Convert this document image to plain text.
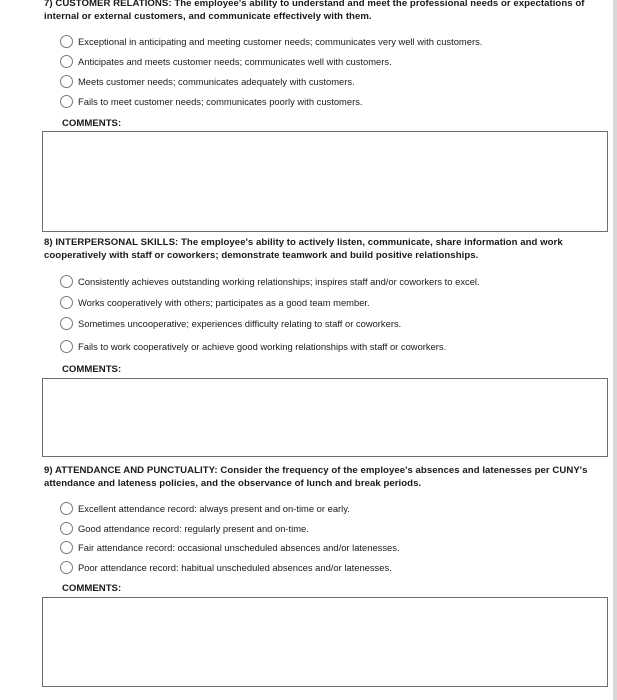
7) CUSTOMER RELATIONS: The employee's ability to understand and meet the professional needs or expectations of internal or external customers, and communicate effectively with them.
Exceptional in anticipating and meeting customer needs; communicates very well with customers.
Anticipates and meets customer needs; communicates well with customers.
Meets customer needs; communicates adequately with customers.
Fails to meet customer needs; communicates poorly with customers.
COMMENTS:
8) INTERPERSONAL SKILLS: The employee's ability to actively listen, communicate, share information and work cooperatively with staff or coworkers; demonstrate teamwork and build positive relationships.
Consistently achieves outstanding working relationships; inspires staff and/or coworkers to excel.
Works cooperatively with others; participates as a good team member.
Sometimes uncooperative; experiences difficulty relating to staff or coworkers.
Fails to work cooperatively or achieve good working relationships with staff or coworkers.
COMMENTS:
9) ATTENDANCE AND PUNCTUALITY: Consider the frequency of the employee's absences and latenesses per CUNY's attendance and lateness policies, and the observance of lunch and break periods.
Excellent attendance record: always present and on-time or early.
Good attendance record: regularly present and on-time.
Fair attendance record: occasional unscheduled absences and/or latenesses.
Poor attendance record: habitual unscheduled absences and/or latenesses.
COMMENTS:
